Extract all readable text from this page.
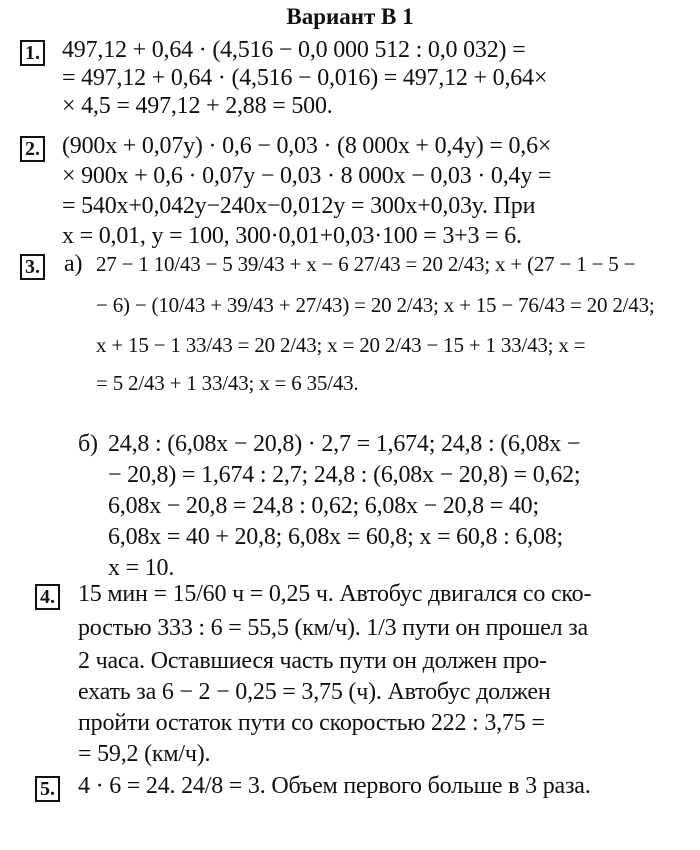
Вариант В 1
1. 497,12 + 0,64 · (4,516 − 0,0 000 512 : 0,0 032) =
= 497,12 + 0,64 · (4,516 − 0,016) = 497,12 + 0,64×
× 4,5 = 497,12 + 2,88 = 500.
2. (900x + 0,07y) · 0,6 − 0,03 · (8 000x + 0,4y) = 0,6×
× 900x + 0,6 · 0,07y − 0,03 · 8 000x − 0,03 · 0,4y =
= 540x+0,042y−240x−0,012y = 300x+0,03y. При
x = 0,01, y = 100, 300·0,01+0,03·100 = 3+3 = 6.
3. а) 27 − 1 10/43 − 5 39/43 + x − 6 27/43 = 20 2/43; x + (27 − 1 − 5 −
− 6) − (10/43 + 39/43 + 27/43) = 20 2/43; x + 15 − 76/43 = 20 2/43;
x + 15 − 1 33/43 = 20 2/43; x = 20 2/43 − 15 + 1 33/43; x =
= 5 2/43 + 1 33/43; x = 6 35/43.
б) 24,8 : (6,08x − 20,8) · 2,7 = 1,674; 24,8 : (6,08x −
− 20,8) = 1,674 : 2,7; 24,8 : (6,08x − 20,8) = 0,62;
6,08x − 20,8 = 24,8 : 0,62; 6,08x − 20,8 = 40;
6,08x = 40 + 20,8; 6,08x = 60,8; x = 60,8 : 6,08;
x = 10.
4. 15 мин = 15/60 ч = 0,25 ч. Автобус двигался со ско-
ростью 333 : 6 = 55,5 (км/ч). 1/3 пути он прошел за
2 часа. Оставшиеся часть пути он должен про-
ехать за 6 − 2 − 0,25 = 3,75 (ч). Автобус должен
пройти остаток пути со скоростью 222 : 3,75 =
= 59,2 (км/ч).
5. 4 · 6 = 24. 24/8 = 3. Объем первого больше в 3 раза.
